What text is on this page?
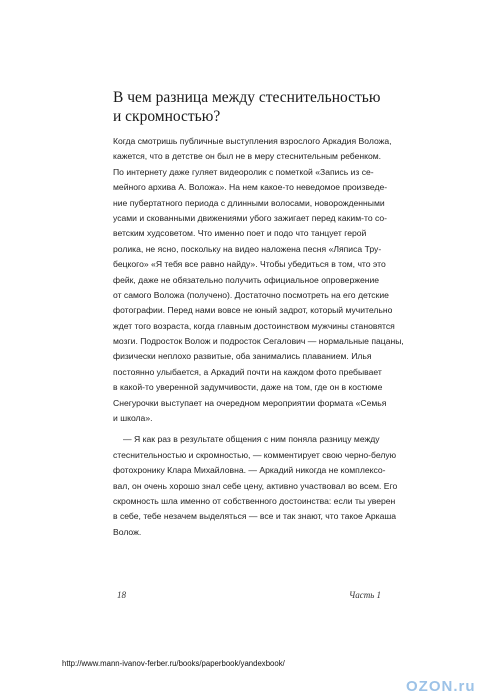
В чем разница между стеснительностью
и скромностью?
Когда смотришь публичные выступления взрослого Аркадия Воложа,
кажется, что в детстве он был не в меру стеснительным ребенком.
По интернету даже гуляет видеоролик с пометкой «Запись из се-
мейного архива А. Воложа». На нем какое-то неведомое произведе-
ние пубертатного периода с длинными волосами, новорожденными
усами и скованными движениями убого зажигает перед каким-то со-
ветским худсоветом. Что именно поет и подо что танцует герой
ролика, не ясно, поскольку на видео наложена песня «Ляписа Тру-
бецкого» «Я тебя все равно найду». Чтобы убедиться в том, что это
фейк, даже не обязательно получить официальное опровержение
от самого Воложа (получено). Достаточно посмотреть на его детские
фотографии. Перед нами вовсе не юный задрот, который мучительно
ждет того возраста, когда главным достоинством мужчины становятся
мозги. Подросток Волож и подросток Сегалович — нормальные пацаны,
физически неплохо развитые, оба занимались плаванием. Илья
постоянно улыбается, а Аркадий почти на каждом фото пребывает
в какой-то уверенной задумчивости, даже на том, где он в костюме
Снегурочки выступает на очередном мероприятии формата «Семья
и школа».
— Я как раз в результате общения с ним поняла разницу между
стеснительностью и скромностью, — комментирует свою черно-белую
фотохронику Клара Михайловна. — Аркадий никогда не комплексо-
вал, он очень хорошо знал себе цену, активно участвовал во всем. Его
скромность шла именно от собственного достоинства: если ты уверен
в себе, тебе незачем выделяться — все и так знают, что такое Аркаша
Волож.
18	Часть 1
http://www.mann-ivanov-ferber.ru/books/paperbook/yandexbook/
OZON.ru
